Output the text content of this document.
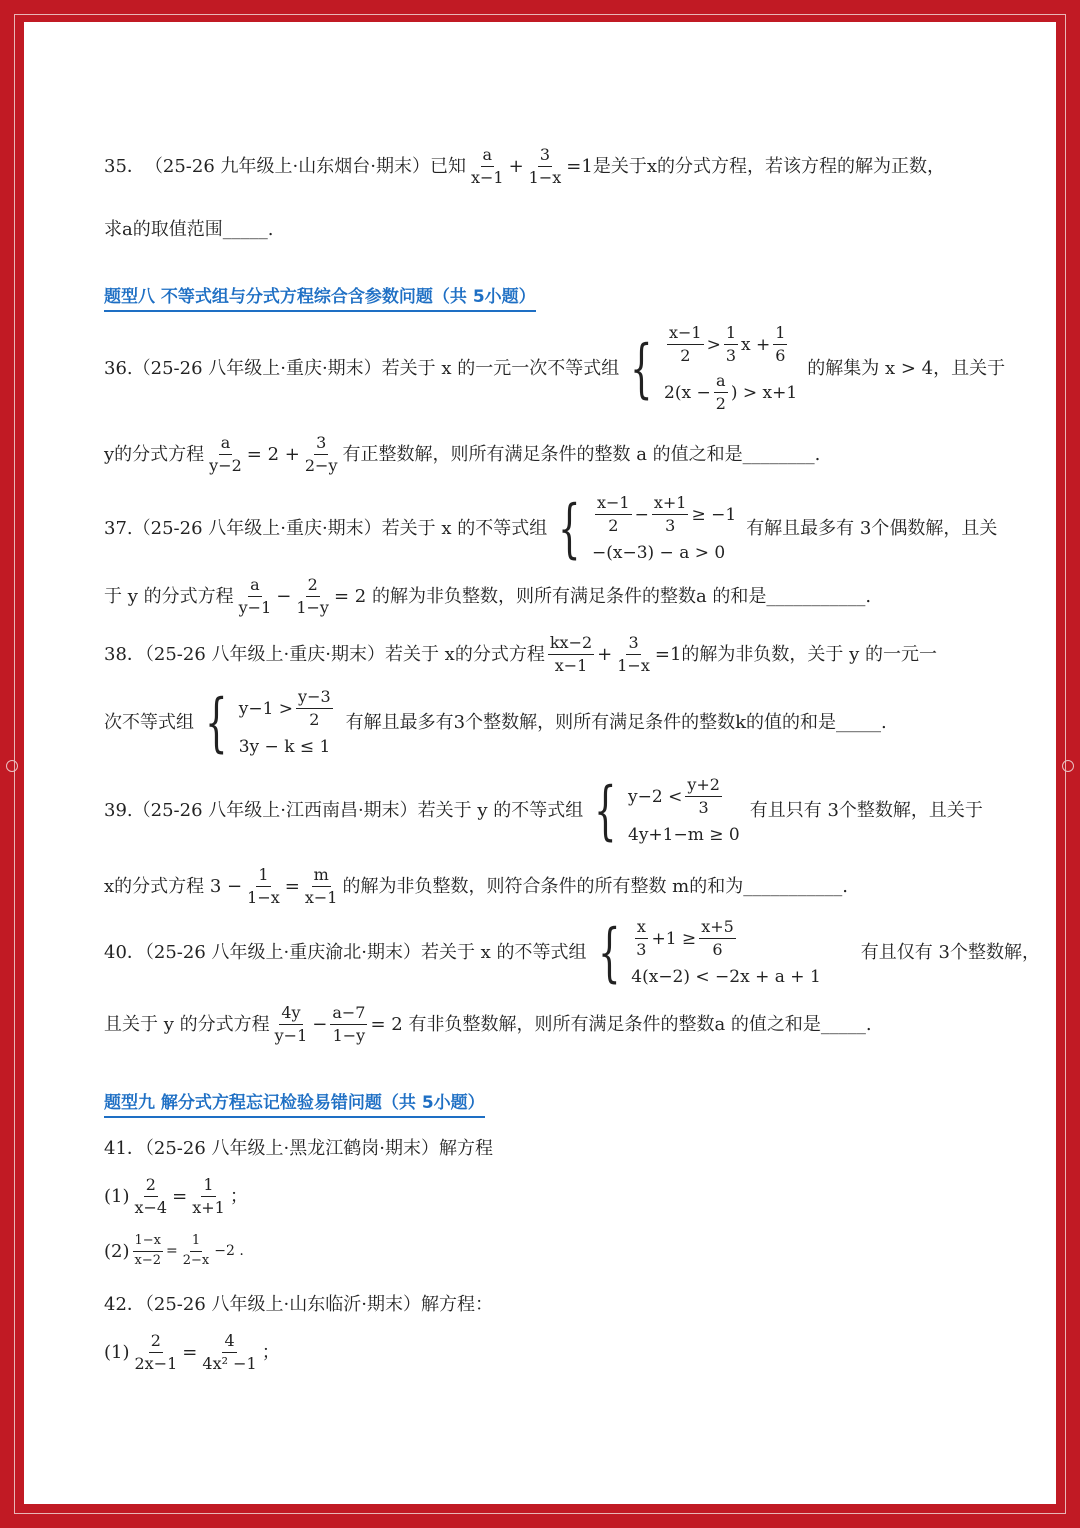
35． （25-26 九年级上·山东烟台·期末）已知 $\frac{a}{x-1} + \frac{3}{1-x} =1$是关于x的分式方程，若该方程的解为正数，
求a的取值范围_____.
题型八 不等式组与分式方程综合含参数问题（共 5小题）
36.（25-26 八年级上·重庆·期末）若关于 x 的一元一次不等式组 { $\frac{x-1}{2} > \frac{1}{3}$ $x + \frac{1}{6}$
$2(x - \frac{a}{2}$ ) > x+1
的解集为 x > 4，且关于
y的分式方程 $\frac{a}{y-2} = 2 + \frac{3}{2-y}$ 有正整数解，则所有满足条件的整数 a 的值之和是________.
37.（25-26 八年级上·重庆·期末）若关于 x 的不等式组 { $\frac{x-1}{2} - \frac{x+1}{3} \ge -1$
−(x−3) − a > 0
有解且最多有 3个偶数解，且关
于 y 的分式方程 $\frac{a}{y-1} - \frac{2}{1-y} = 2$ 的解为非负整数，则所有满足条件的整数a 的和是___________.
38．（25-26 八年级上·重庆·期末）若关于 x的分式方程 $\frac{kx-2}{x-1} + \frac{3}{1-x} =1$的解为非负数，关于 y 的一元一
次不等式组 { $y-1 > \frac{y-3}{2}$
3y − k ≤ 1
有解且最多有3个整数解，则所有满足条件的整数k的值的和是_____.
39.（25-26 八年级上·江西南昌·期末）若关于 y 的不等式组 { $y-2 < \frac{y+2}{3}$
4y+1−m ≥ 0
有且只有 3个整数解，且关于
x的分式方程 $3 - \frac{1}{1-x} = \frac{m}{x-1}$ 的解为非负整数，则符合条件的所有整数 m的和为___________.
40．（25-26 八年级上·重庆渝北·期末）若关于 x 的不等式组 { $\frac{x}{3} +1 \ge \frac{x+5}{6}$
4(x−2) < −2x + a + 1
有且仅有 3个整数解，
且关于 y 的分式方程 $\frac{4y}{y-1} - \frac{a-7}{1-y} = 2$ 有非负整数解，则所有满足条件的整数a 的值之和是_____.
题型九 解分式方程忘记检验易错问题（共 5小题）
41．（25-26 八年级上·黑龙江鹤岗·期末）解方程
$(1) \frac{2}{x-4} = \frac{1}{x+1}$ ；
$(2) \frac{1-x}{x-2} = \frac{1}{2-x} -2$ .
42．（25-26 八年级上·山东临沂·期末）解方程：
$(1) \frac{2}{2x-1} = \frac{4}{\text{4x² −1}}$ ；
